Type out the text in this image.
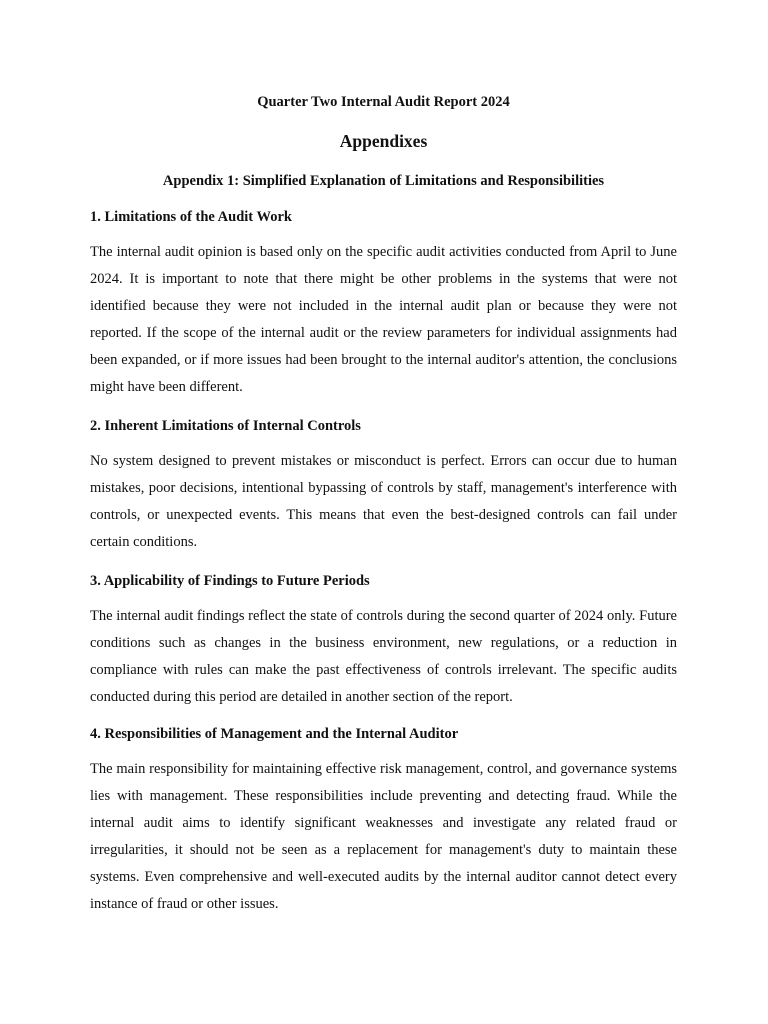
Quarter Two Internal Audit Report 2024
Appendixes
Appendix 1: Simplified Explanation of Limitations and Responsibilities
1. Limitations of the Audit Work

The internal audit opinion is based only on the specific audit activities conducted from April to June 2024. It is important to note that there might be other problems in the systems that were not identified because they were not included in the internal audit plan or because they were not reported. If the scope of the internal audit or the review parameters for individual assignments had been expanded, or if more issues had been brought to the internal auditor's attention, the conclusions might have been different.

2. Inherent Limitations of Internal Controls

No system designed to prevent mistakes or misconduct is perfect. Errors can occur due to human mistakes, poor decisions, intentional bypassing of controls by staff, management's interference with controls, or unexpected events. This means that even the best-designed controls can fail under certain conditions.

3. Applicability of Findings to Future Periods

The internal audit findings reflect the state of controls during the second quarter of 2024 only. Future conditions such as changes in the business environment, new regulations, or a reduction in compliance with rules can make the past effectiveness of controls irrelevant. The specific audits conducted during this period are detailed in another section of the report.

4. Responsibilities of Management and the Internal Auditor

The main responsibility for maintaining effective risk management, control, and governance systems lies with management. These responsibilities include preventing and detecting fraud. While the internal audit aims to identify significant weaknesses and investigate any related fraud or irregularities, it should not be seen as a replacement for management's duty to maintain these systems. Even comprehensive and well-executed audits by the internal auditor cannot detect every instance of fraud or other issues.
